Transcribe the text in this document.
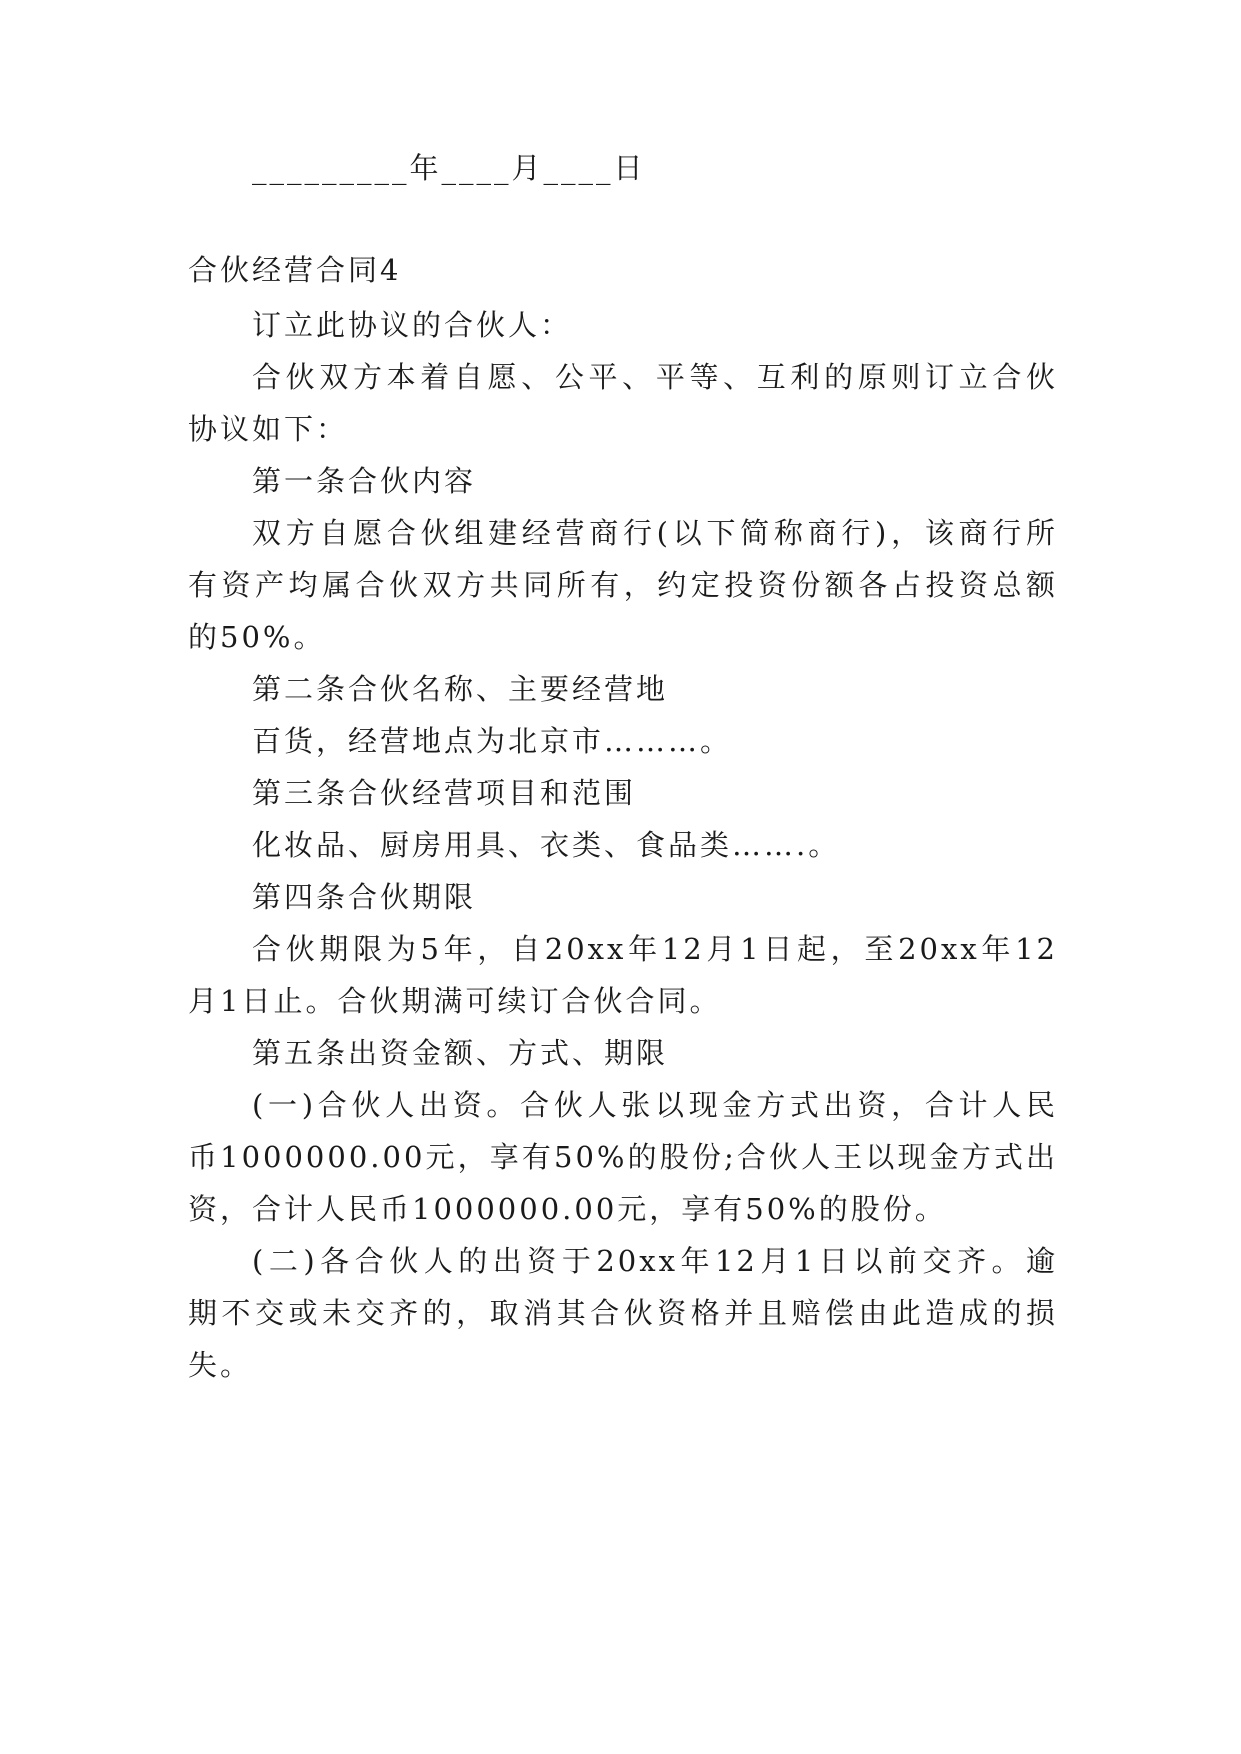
_________年____月____日
合伙经营合同4
订立此协议的合伙人：
合伙双方本着自愿、公平、平等、互利的原则订立合伙
协议如下：
第一条合伙内容
双方自愿合伙组建经营商行(以下简称商行)，该商行所
有资产均属合伙双方共同所有，约定投资份额各占投资总额
的50%。
第二条合伙名称、主要经营地
百货，经营地点为北京市………。
第三条合伙经营项目和范围
化妆品、厨房用具、衣类、食品类…….。
第四条合伙期限
合伙期限为5年，自20xx年12月1日起，至20xx年12
月1日止。合伙期满可续订合伙合同。
第五条出资金额、方式、期限
(一)合伙人出资。合伙人张以现金方式出资，合计人民
币1000000.00元，享有50%的股份;合伙人王以现金方式出
资，合计人民币1000000.00元，享有50%的股份。
(二)各合伙人的出资于20xx年12月1日以前交齐。逾
期不交或未交齐的，取消其合伙资格并且赔偿由此造成的损
失。
